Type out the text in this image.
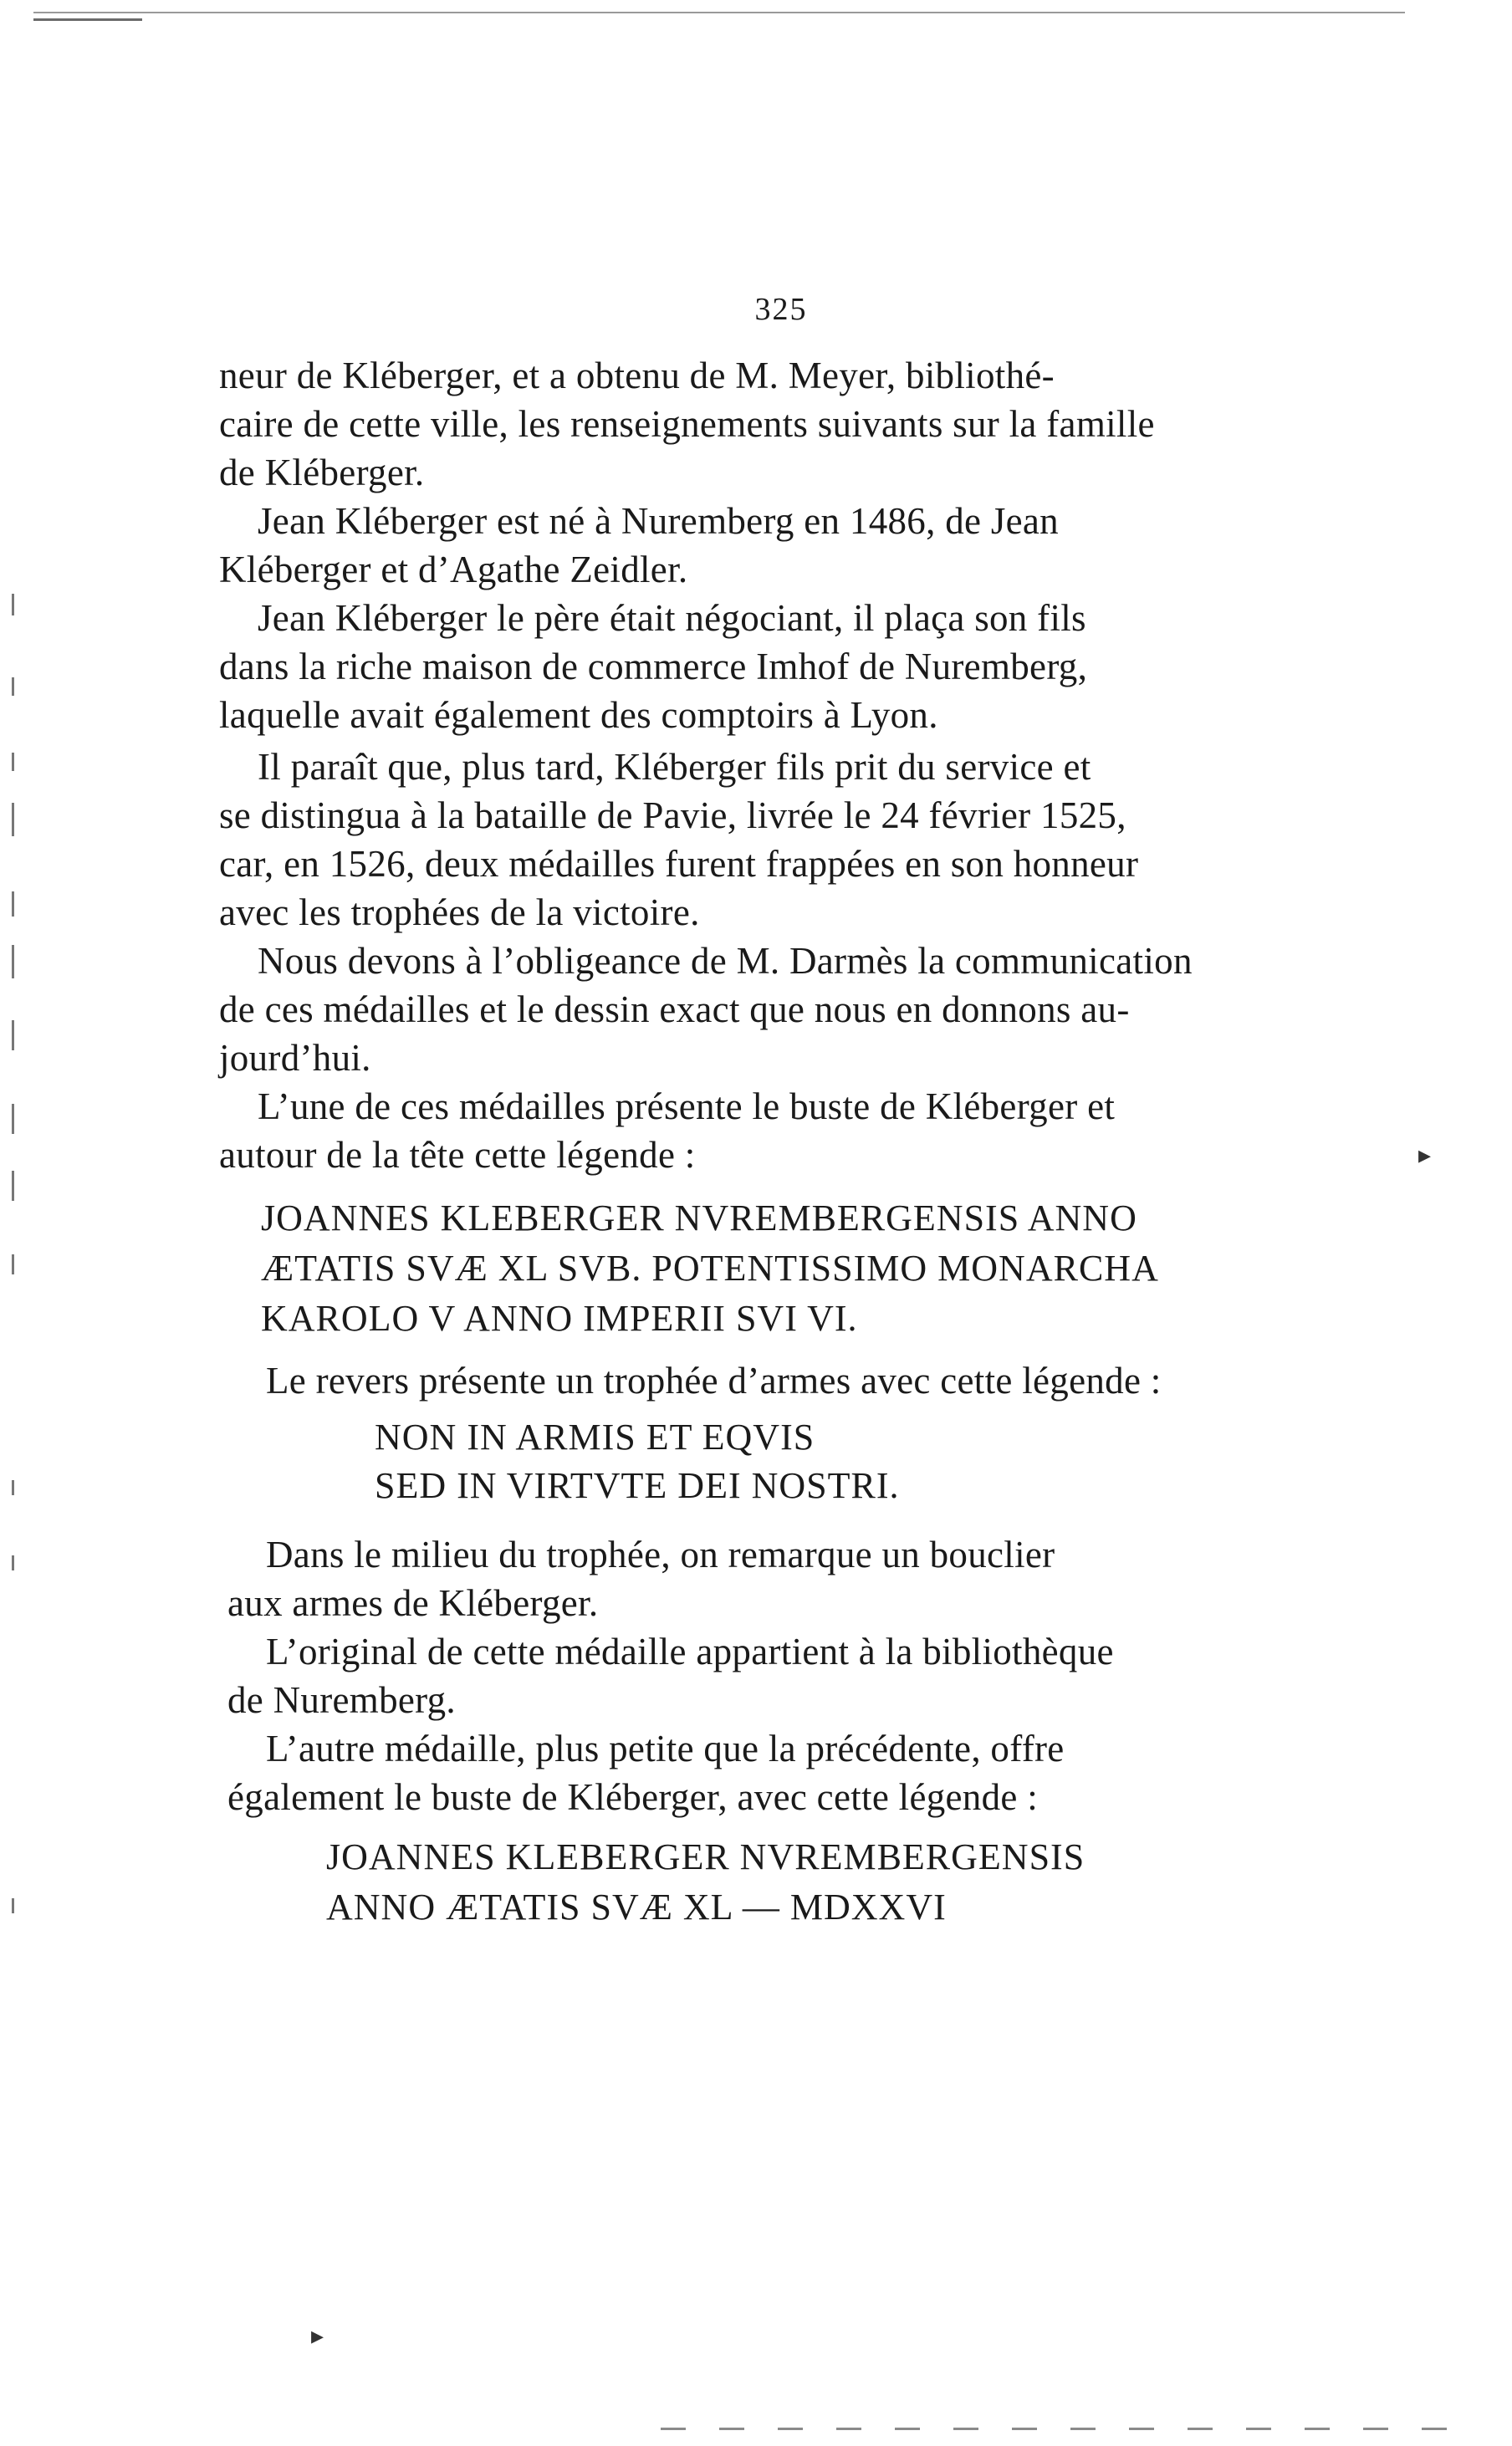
325
neur de Kléberger, et a obtenu de M. Meyer, bibliothé-
caire de cette ville, les renseignements suivants sur la famille
de Kléberger.
Jean Kléberger est né à Nuremberg en 1486, de Jean
Kléberger et d’Agathe Zeidler.
Jean Kléberger le père était négociant, il plaça son fils
dans la riche maison de commerce Imhof de Nuremberg,
laquelle avait également des comptoirs à Lyon.
Il paraît que, plus tard, Kléberger fils prit du service et
se distingua à la bataille de Pavie, livrée le 24 février 1525,
car, en 1526, deux médailles furent frappées en son honneur
avec les trophées de la victoire.
Nous devons à l’obligeance de M. Darmès la communication
de ces médailles et le dessin exact que nous en donnons au-
jourd’hui.
L’une de ces médailles présente le buste de Kléberger et
autour de la tête cette légende :
JOANNES KLEBERGER NVREMBERGENSIS ANNO
ÆTATIS SVÆ XL SVB. POTENTISSIMO MONARCHA
KAROLO V ANNO IMPERII SVI VI.
Le revers présente un trophée d’armes avec cette légende :
NON IN ARMIS ET EQVIS
SED IN VIRTVTE DEI NOSTRI.
Dans le milieu du trophée, on remarque un bouclier
aux armes de Kléberger.
L’original de cette médaille appartient à la bibliothèque
de Nuremberg.
L’autre médaille, plus petite que la précédente, offre
également le buste de Kléberger, avec cette légende :
JOANNES KLEBERGER NVREMBERGENSIS
ANNO ÆTATIS SVÆ XL — MDXXVI
▸
▸
